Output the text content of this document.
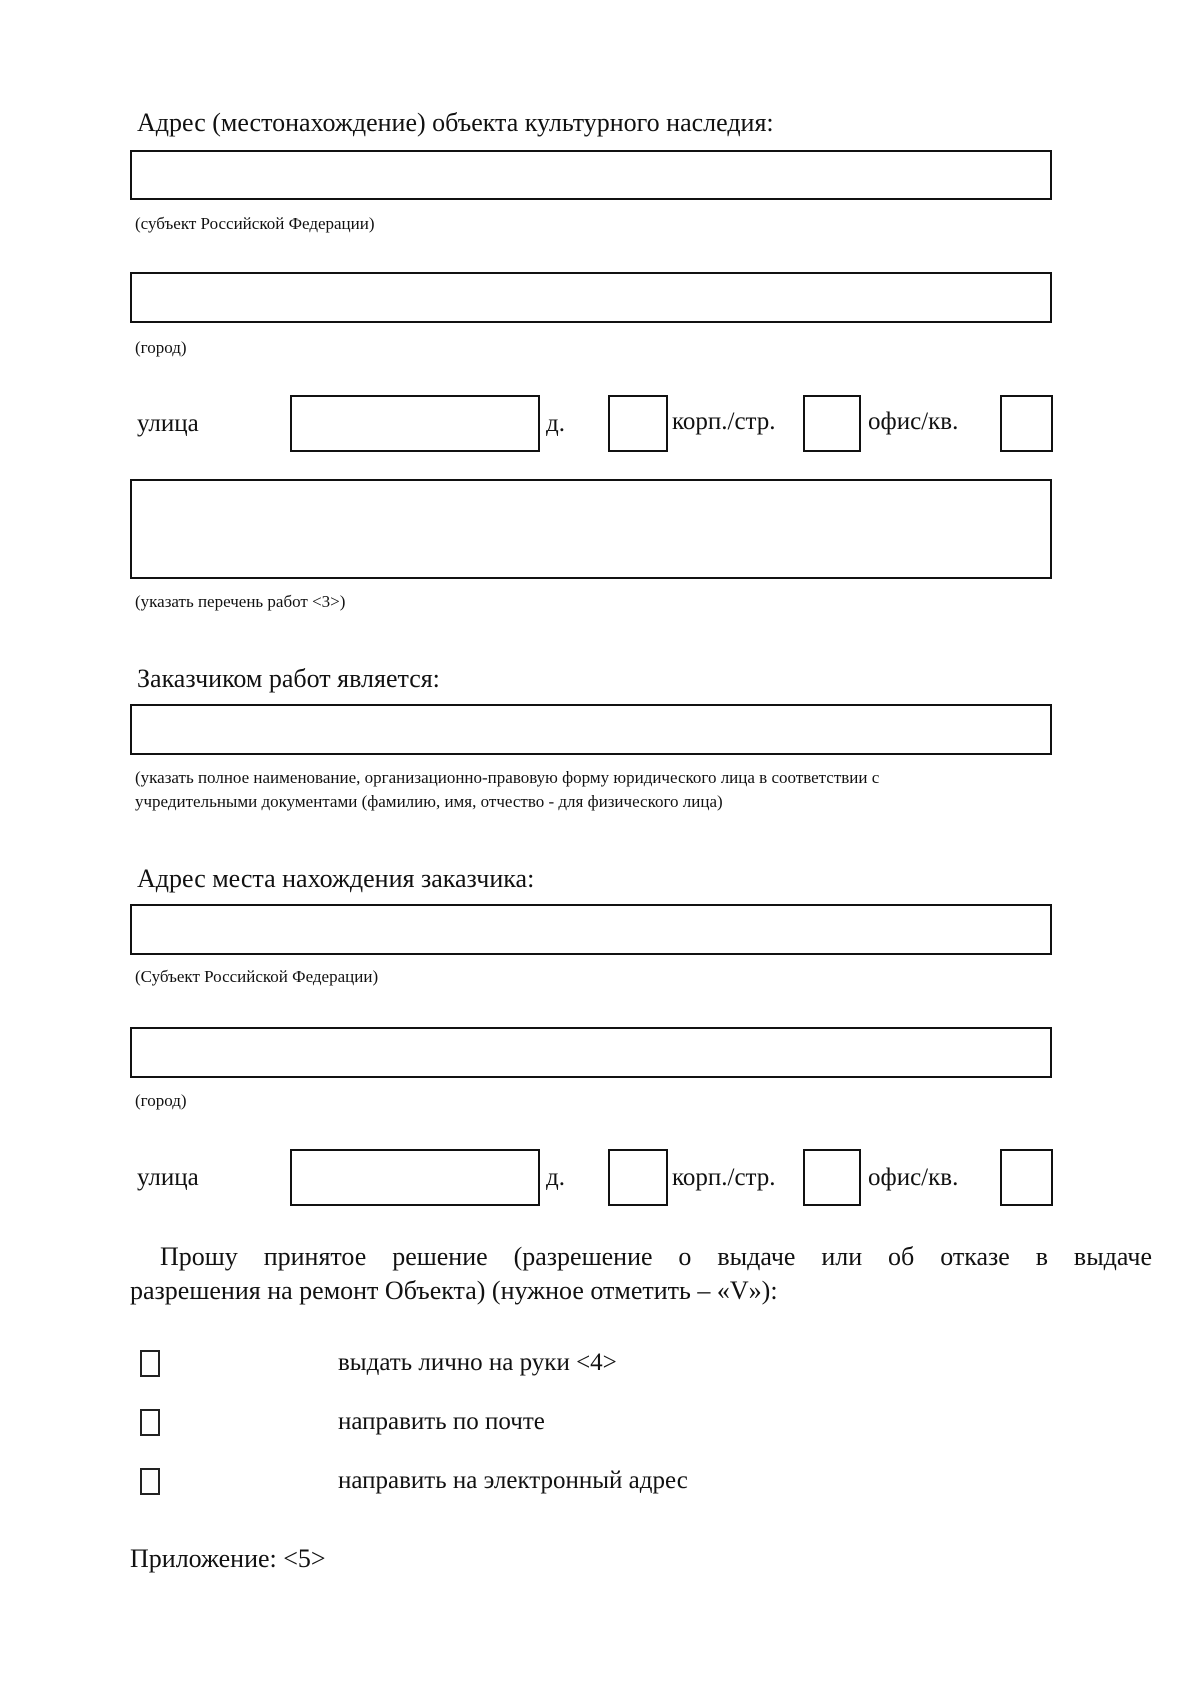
Адрес (местонахождение) объекта культурного наследия:
(субъект Российской Федерации)
(город)
улица	д.	корп./стр.	офис/кв.
(указать перечень работ <3>)
Заказчиком работ является:
(указать полное наименование, организационно-правовую форму юридического лица в соответствии с
учредительными документами (фамилию, имя, отчество - для физического лица)
Адрес места нахождения заказчика:
(Субъект Российской Федерации)
(город)
улица	д.	корп./стр.	офис/кв.
Прошу принятое решение (разрешение о выдаче или об отказе в выдаче
разрешения на ремонт Объекта) (нужное отметить – «V»):
выдать лично на руки <4>
направить по почте
направить на электронный адрес
Приложение: <5>
